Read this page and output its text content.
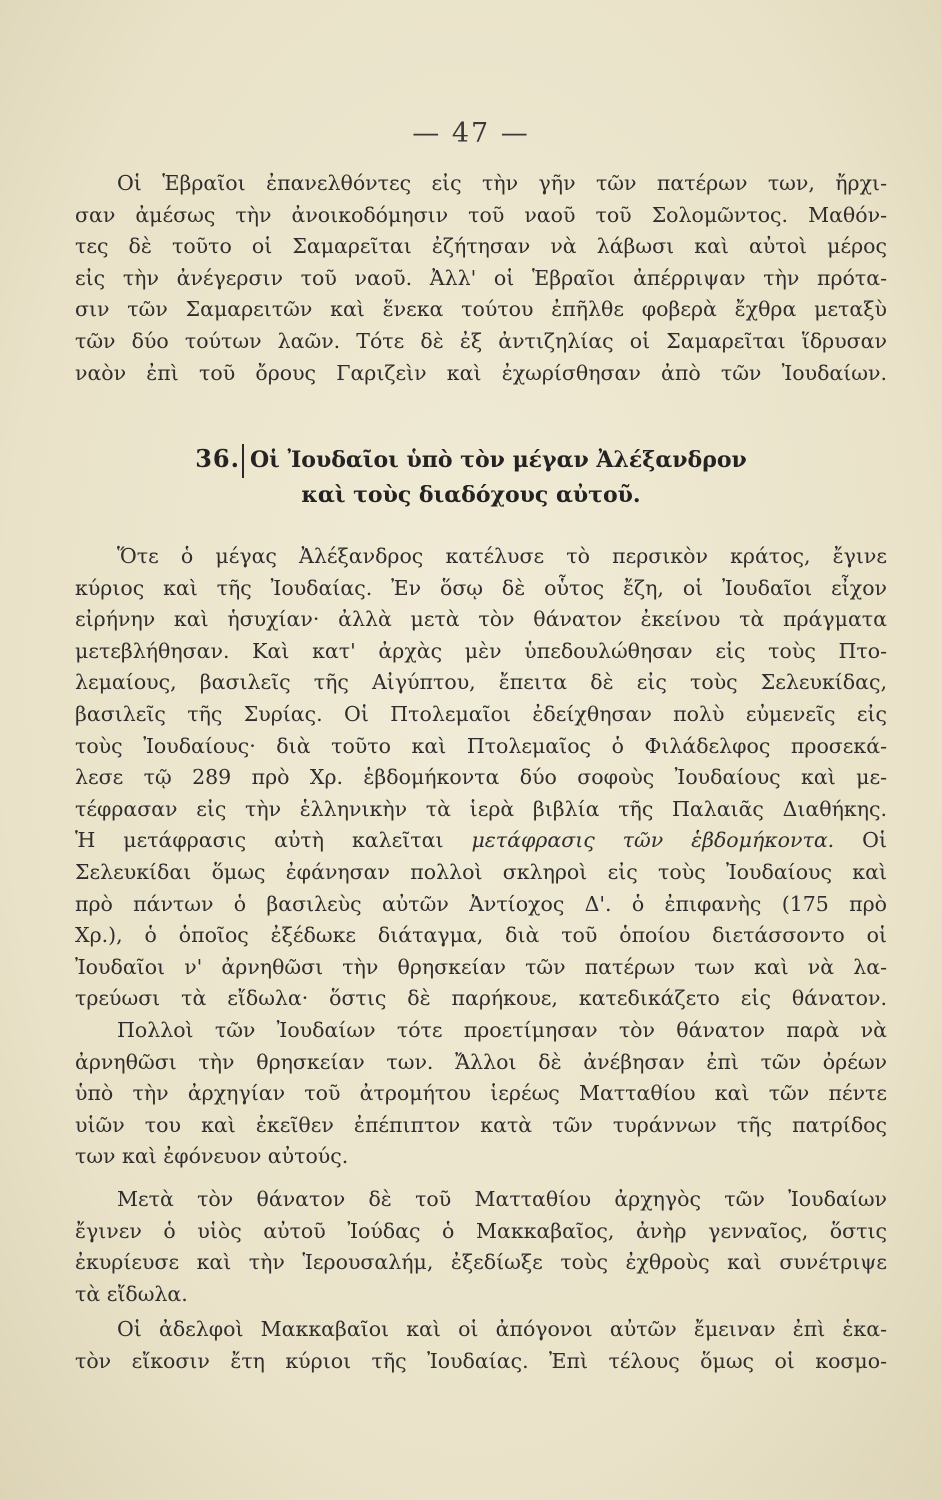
— 47 —
Οἱ Ἑβραῖοι ἐπανελθόντες εἰς τὴν γῆν τῶν πατέρων των, ἤρχι-
σαν ἀμέσως τὴν ἀνοικοδόμησιν τοῦ ναοῦ τοῦ Σολομῶντος. Μαθόν-
τες δὲ τοῦτο οἱ Σαμαρεῖται ἐζήτησαν νὰ λάβωσι καὶ αὐτοὶ μέρος
εἰς τὴν ἀνέγερσιν τοῦ ναοῦ. Ἀλλ' οἱ Ἑβραῖοι ἀπέρριψαν τὴν πρότα-
σιν τῶν Σαμαρειτῶν καὶ ἕνεκα τούτου ἐπῆλθε φοβερὰ ἔχθρα μεταξὺ
τῶν δύο τούτων λαῶν. Τότε δὲ ἐξ ἀντιζηλίας οἱ Σαμαρεῖται ἵδρυσαν
ναὸν ἐπὶ τοῦ ὄρους Γαριζεὶν καὶ ἐχωρίσθησαν ἀπὸ τῶν Ἰουδαίων.
36. Οἱ Ἰουδαῖοι ὑπὸ τὸν μέγαν Ἀλέξανδρον
καὶ τοὺς διαδόχους αὐτοῦ.
Ὅτε ὁ μέγας Ἀλέξανδρος κατέλυσε τὸ περσικὸν κράτος, ἔγινε
κύριος καὶ τῆς Ἰουδαίας. Ἐν ὅσῳ δὲ οὗτος ἔζη, οἱ Ἰουδαῖοι εἶχον
εἰρήνην καὶ ἡσυχίαν· ἀλλὰ μετὰ τὸν θάνατον ἐκείνου τὰ πράγματα
μετεβλήθησαν. Καὶ κατ' ἀρχὰς μὲν ὑπεδουλώθησαν εἰς τοὺς Πτο-
λεμαίους, βασιλεῖς τῆς Αἰγύπτου, ἔπειτα δὲ εἰς τοὺς Σελευκίδας,
βασιλεῖς τῆς Συρίας. Οἱ Πτολεμαῖοι ἐδείχθησαν πολὺ εὐμενεῖς εἰς
τοὺς Ἰουδαίους· διὰ τοῦτο καὶ Πτολεμαῖος ὁ Φιλάδελφος προσεκά-
λεσε τῷ 289 πρὸ Χρ. ἑβδομήκοντα δύο σοφοὺς Ἰουδαίους καὶ με-
τέφρασαν εἰς τὴν ἑλληνικὴν τὰ ἱερὰ βιβλία τῆς Παλαιᾶς Διαθήκης.
Ἡ μετάφρασις αὐτὴ καλεῖται μετάφρασις τῶν ἑβδομήκοντα. Οἱ
Σελευκίδαι ὅμως ἐφάνησαν πολλοὶ σκληροὶ εἰς τοὺς Ἰουδαίους καὶ
πρὸ πάντων ὁ βασιλεὺς αὐτῶν Ἀντίοχος Δ'. ὁ ἐπιφανὴς (175 πρὸ
Χρ.), ὁ ὁποῖος ἐξέδωκε διάταγμα, διὰ τοῦ ὁποίου διετάσσοντο οἱ
Ἰουδαῖοι ν' ἀρνηθῶσι τὴν θρησκείαν τῶν πατέρων των καὶ νὰ λα-
τρεύωσι τὰ εἴδωλα· ὅστις δὲ παρήκουε, κατεδικάζετο εἰς θάνατον.
Πολλοὶ τῶν Ἰουδαίων τότε προετίμησαν τὸν θάνατον παρὰ νὰ
ἀρνηθῶσι τὴν θρησκείαν των. Ἄλλοι δὲ ἀνέβησαν ἐπὶ τῶν ὀρέων
ὑπὸ τὴν ἀρχηγίαν τοῦ ἀτρομήτου ἱερέως Ματταθίου καὶ τῶν πέντε
υἱῶν του καὶ ἐκεῖθεν ἐπέπιπτον κατὰ τῶν τυράννων τῆς πατρίδος
των καὶ ἐφόνευον αὐτούς.
Μετὰ τὸν θάνατον δὲ τοῦ Ματταθίου ἀρχηγὸς τῶν Ἰουδαίων
ἔγινεν ὁ υἱὸς αὐτοῦ Ἰούδας ὁ Μακκαβαῖος, ἀνὴρ γενναῖος, ὅστις
ἐκυρίευσε καὶ τὴν Ἱερουσαλήμ, ἐξεδίωξε τοὺς ἐχθροὺς καὶ συνέτριψε
τὰ εἴδωλα.
Οἱ ἀδελφοὶ Μακκαβαῖοι καὶ οἱ ἀπόγονοι αὐτῶν ἔμειναν ἐπὶ ἑκα-
τὸν εἴκοσιν ἔτη κύριοι τῆς Ἰουδαίας. Ἐπὶ τέλους ὅμως οἱ κοσμο-
